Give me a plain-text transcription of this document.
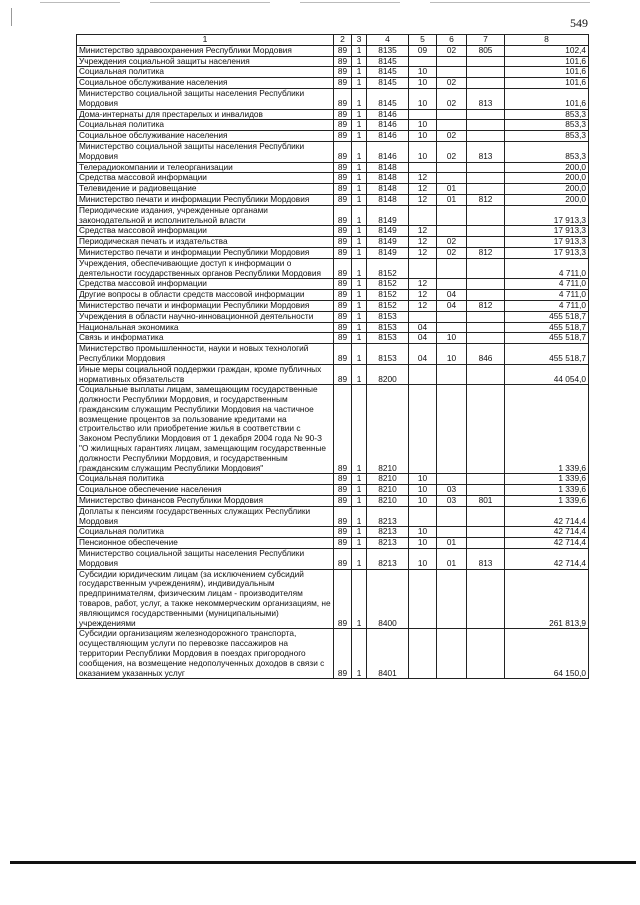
549
1	2	3	4	5	6	7	8
Министерство здравоохранения Республики Мордовия	89	1	8135	09	02	805	102,4
Учреждения социальной защиты населения	89	1	8145				101,6
Социальная политика	89	1	8145	10			101,6
Социальное обслуживание населения	89	1	8145	10	02		101,6
Министерство социальной защиты населения Республики Мордовия	89	1	8145	10	02	813	101,6
Дома-интернаты для престарелых и инвалидов	89	1	8146				853,3
Социальная политика	89	1	8146	10			853,3
Социальное обслуживание населения	89	1	8146	10	02		853,3
Министерство социальной защиты населения Республики Мордовия	89	1	8146	10	02	813	853,3
Телерадиокомпании и телеорганизации	89	1	8148				200,0
Средства массовой информации	89	1	8148	12			200,0
Телевидение и радиовещание	89	1	8148	12	01		200,0
Министерство печати и информации Республики Мордовия	89	1	8148	12	01	812	200,0
Периодические издания, учрежденные органами законодательной и исполнительной власти	89	1	8149				17 913,3
Средства массовой информации	89	1	8149	12			17 913,3
Периодическая печать и издательства	89	1	8149	12	02		17 913,3
Министерство печати и информации Республики Мордовия	89	1	8149	12	02	812	17 913,3
Учреждения, обеспечивающие доступ к информации о деятельности государственных органов Республики Мордовия	89	1	8152				4 711,0
Средства массовой информации	89	1	8152	12			4 711,0
Другие вопросы в области средств массовой информации	89	1	8152	12	04		4 711,0
Министерство печати и информации Республики Мордовия	89	1	8152	12	04	812	4 711,0
Учреждения в области научно-инновационной деятельности	89	1	8153				455 518,7
Национальная экономика	89	1	8153	04			455 518,7
Связь и информатика	89	1	8153	04	10		455 518,7
Министерство промышленности, науки и новых технологий Республики Мордовия	89	1	8153	04	10	846	455 518,7
Иные меры социальной поддержки граждан, кроме публичных нормативных обязательств	89	1	8200				44 054,0
Социальные выплаты лицам, замещающим государственные должности Республики Мордовия, и государственным гражданским служащим Республики Мордовия на частичное возмещение процентов за пользование кредитами на строительство или приобретение жилья в соответствии с Законом Республики Мордовия от 1 декабря 2004 года № 90-З "О жилищных гарантиях лицам, замещающим государственные должности Республики Мордовия, и государственным гражданским служащим Республики Мордовия"	89	1	8210				1 339,6
Социальная политика	89	1	8210	10			1 339,6
Социальное обеспечение населения	89	1	8210	10	03		1 339,6
Министерство финансов Республики Мордовия	89	1	8210	10	03	801	1 339,6
Доплаты к пенсиям государственных служащих Республики Мордовия	89	1	8213				42 714,4
Социальная политика	89	1	8213	10			42 714,4
Пенсионное обеспечение	89	1	8213	10	01		42 714,4
Министерство социальной защиты населения Республики Мордовия	89	1	8213	10	01	813	42 714,4
Субсидии юридическим лицам (за исключением субсидий государственным учреждениям), индивидуальным предпринимателям, физическим лицам - производителям товаров, работ, услуг, а также некоммерческим организациям, не являющимся государственными (муниципальными) учреждениями	89	1	8400				261 813,9
Субсидии организациям железнодорожного транспорта, осуществляющим услуги по перевозке пассажиров на территории Республики Мордовия в поездах пригородного сообщения, на возмещение недополученных доходов в связи с оказанием указанных услуг	89	1	8401				64 150,0
